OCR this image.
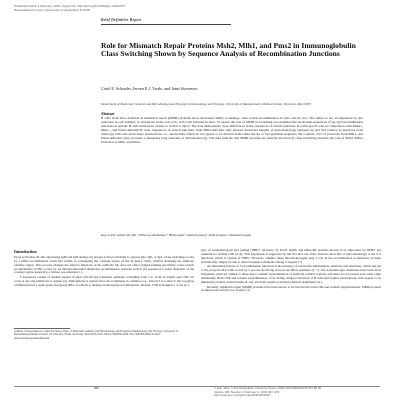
Published Online 4 February, 2002 | Supp Info: http://doi.org/10.1084/jem.20011877
Downloaded from jem.rupress.org on September 8, 2018
Brief Definitive Report
Role for Mismatch Repair Proteins Msh2, Mlh1, and Pms2 in Immunoglobulin Class Switching Shown by Sequence Analysis of Recombination Junctions
Carol E. Schrader, Jeroen E.J. Vardo, and Janet Stavnezer
Department of Molecular Genetics and Microbiology and Program in Immunology and Virology, University of Massachusetts Medical School, Worcester, MA 01655
Abstract
B cells from mice deficient in mismatch repair (MMR) proteins show decreased ability to undergo class switch recombination in vitro and in vivo. The defect is not accompanied by any reduction in cell viability or alterations in the cell cycle in B cells cultured in vitro. To assess the role of MMR in switching we examined the nucleotide sequences of Sμ–Sγ3 recombination junctions in splenic B cells induced in culture to switch to IgG3. The data demonstrate clear differences in the sequences of switch junctions in wild-type B cells in comparison with Msh2–, Mlh1–, and Pms2-deficient B cells. Sequences of switch junctions from Mlh2-deficient cells showed decreased lengths of microhomology between Sμ and Sγ3 relative to junctions from wild-type cells and an increase in insertions; i.e., nucleotides which do not appear to be derived from either the Sμ or Sγ3 germinal sequence. By contrast, 25% of junctions from Mlh1- and Pms2-deficient cells occurred at unusually long stretches of microhomology. The data indicate that MMR proteins are directly involved in class switching and that the role of Msh2 differs from that of Mlh1 and Pms2.
Key words: splenic B cells • DNA recombination • DNA repair • antibody heavy chain isotypes • mismatch repair
Introduction

Upon activation, B cells expressing IgM and IgD undergo Ig isotype (class) switching to express IgG, IgE, or IgA. Class switching occurs by a DNA recombination event that results in exchanging the constant region of the Ig heavy chain, without changing the antibody variable region. This process changes the effector functions of the antibody but does not affect antigen-binding specificity. Class switch recombination (CSR) occurs by an intrachromosomal deletional recombination between switch (S) sequences located upstream of the constant region genes (for a review, see reference 1).

S sequences consist of tandem repeats of short (20–80 bp) consensus elements, extending from 1 to 10 kb in length, and CSR can occur at any site within the S regions (2). Although the S regions have short elements in common, e.g., GGGGT or GAGCT, the S regions of different heavy chain genes (isotypes) differ too much to undergo homologous recombination. Instead, CSR is thought to occur by a

type of nonhomologous end joining (NHEJ; reference 3). Ku70, Ku80, and DNA-PK proteins known to be important for NHEJ, are essential for normal CSR (4–6). This hypothesis is supported by the fact that one often observes short bits of microhomology at the S-S junctions, which is typical of NHEJ. However, whether these microhomologies play a role in the recombination is unknown as these proteins may simply be due to shared sequence elements among S regions (7).

An interesting feature of S recombination junctions is the presence of nucleotide substitutions, deletions and insertions, which has led to the proposal that CSR occurs by a process involving error-prone DNA synthesis (2, 7). The transition-type mutations have been most frequently observed, similar to those due to somatic hypermutation of antibody variable regions, and these two processes have some other similarities. Both CSR and somatic hypermutation occur during antigen activation of B cells and require transcription; both appear to be initiated by double-strand breaks (8–10), and both require activation-induced deaminase (11).

Recently, mismatch repair (MMR) proteins have been shown to be involved in both CSR and somatic hypermutation. MMR proteins in eukaryotes fall into two classes: (i)

Address correspondence to Janet Stavnezer, Dept. of Molecular Genetics and Microbiology and Program in Immunology and Virology, University of Massachusetts Medical School, 55 Lake Ave. North, Worcester, MA 01655-0122. Phone: 508-856-4100; Fax: 508-856-5920; E-mail: janet.stavnezer@umassmed.edu
367	J. Exp. Med. © The Rockefeller University Press • 0022-1007/2002/02/367/07 $5.00
Volume 195, Number 3, February 4, 2002 367–373
http://www.jem.org/cgi/content/full/195/3/367
